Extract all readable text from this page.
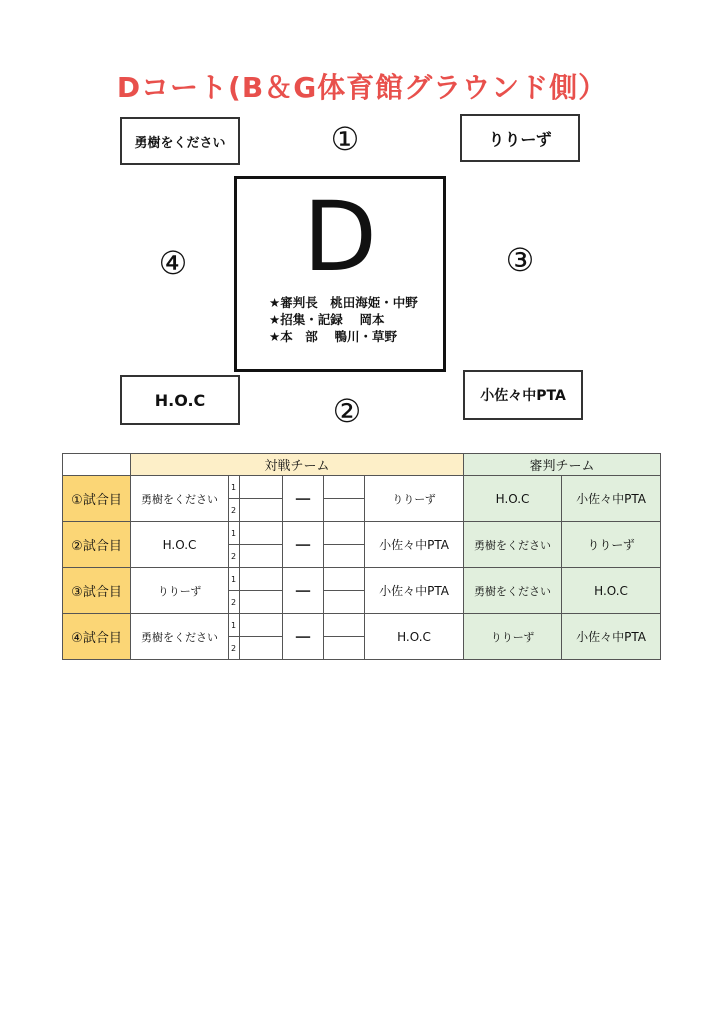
Dコート(B＆G体育館グラウンド側）
勇樹をください	りりーず
H.O.C	小佐々中PTA
①
②
③
④	D
★審判長　桃田海姫・中野
★招集・記録　 岡本
★本　部 　鴨川・草野
	対戦チーム						審判チーム	
①試合目	勇樹をください	1		－		りりーず	H.O.C	小佐々中PTA
		2						
②試合目	H.O.C	1		－		小佐々中PTA	勇樹をください	りりーず
		2						
③試合目	りりーず	1		－		小佐々中PTA	勇樹をください	H.O.C
		2						
④試合目	勇樹をください	1		－		H.O.C	りりーず	小佐々中PTA
		2						
